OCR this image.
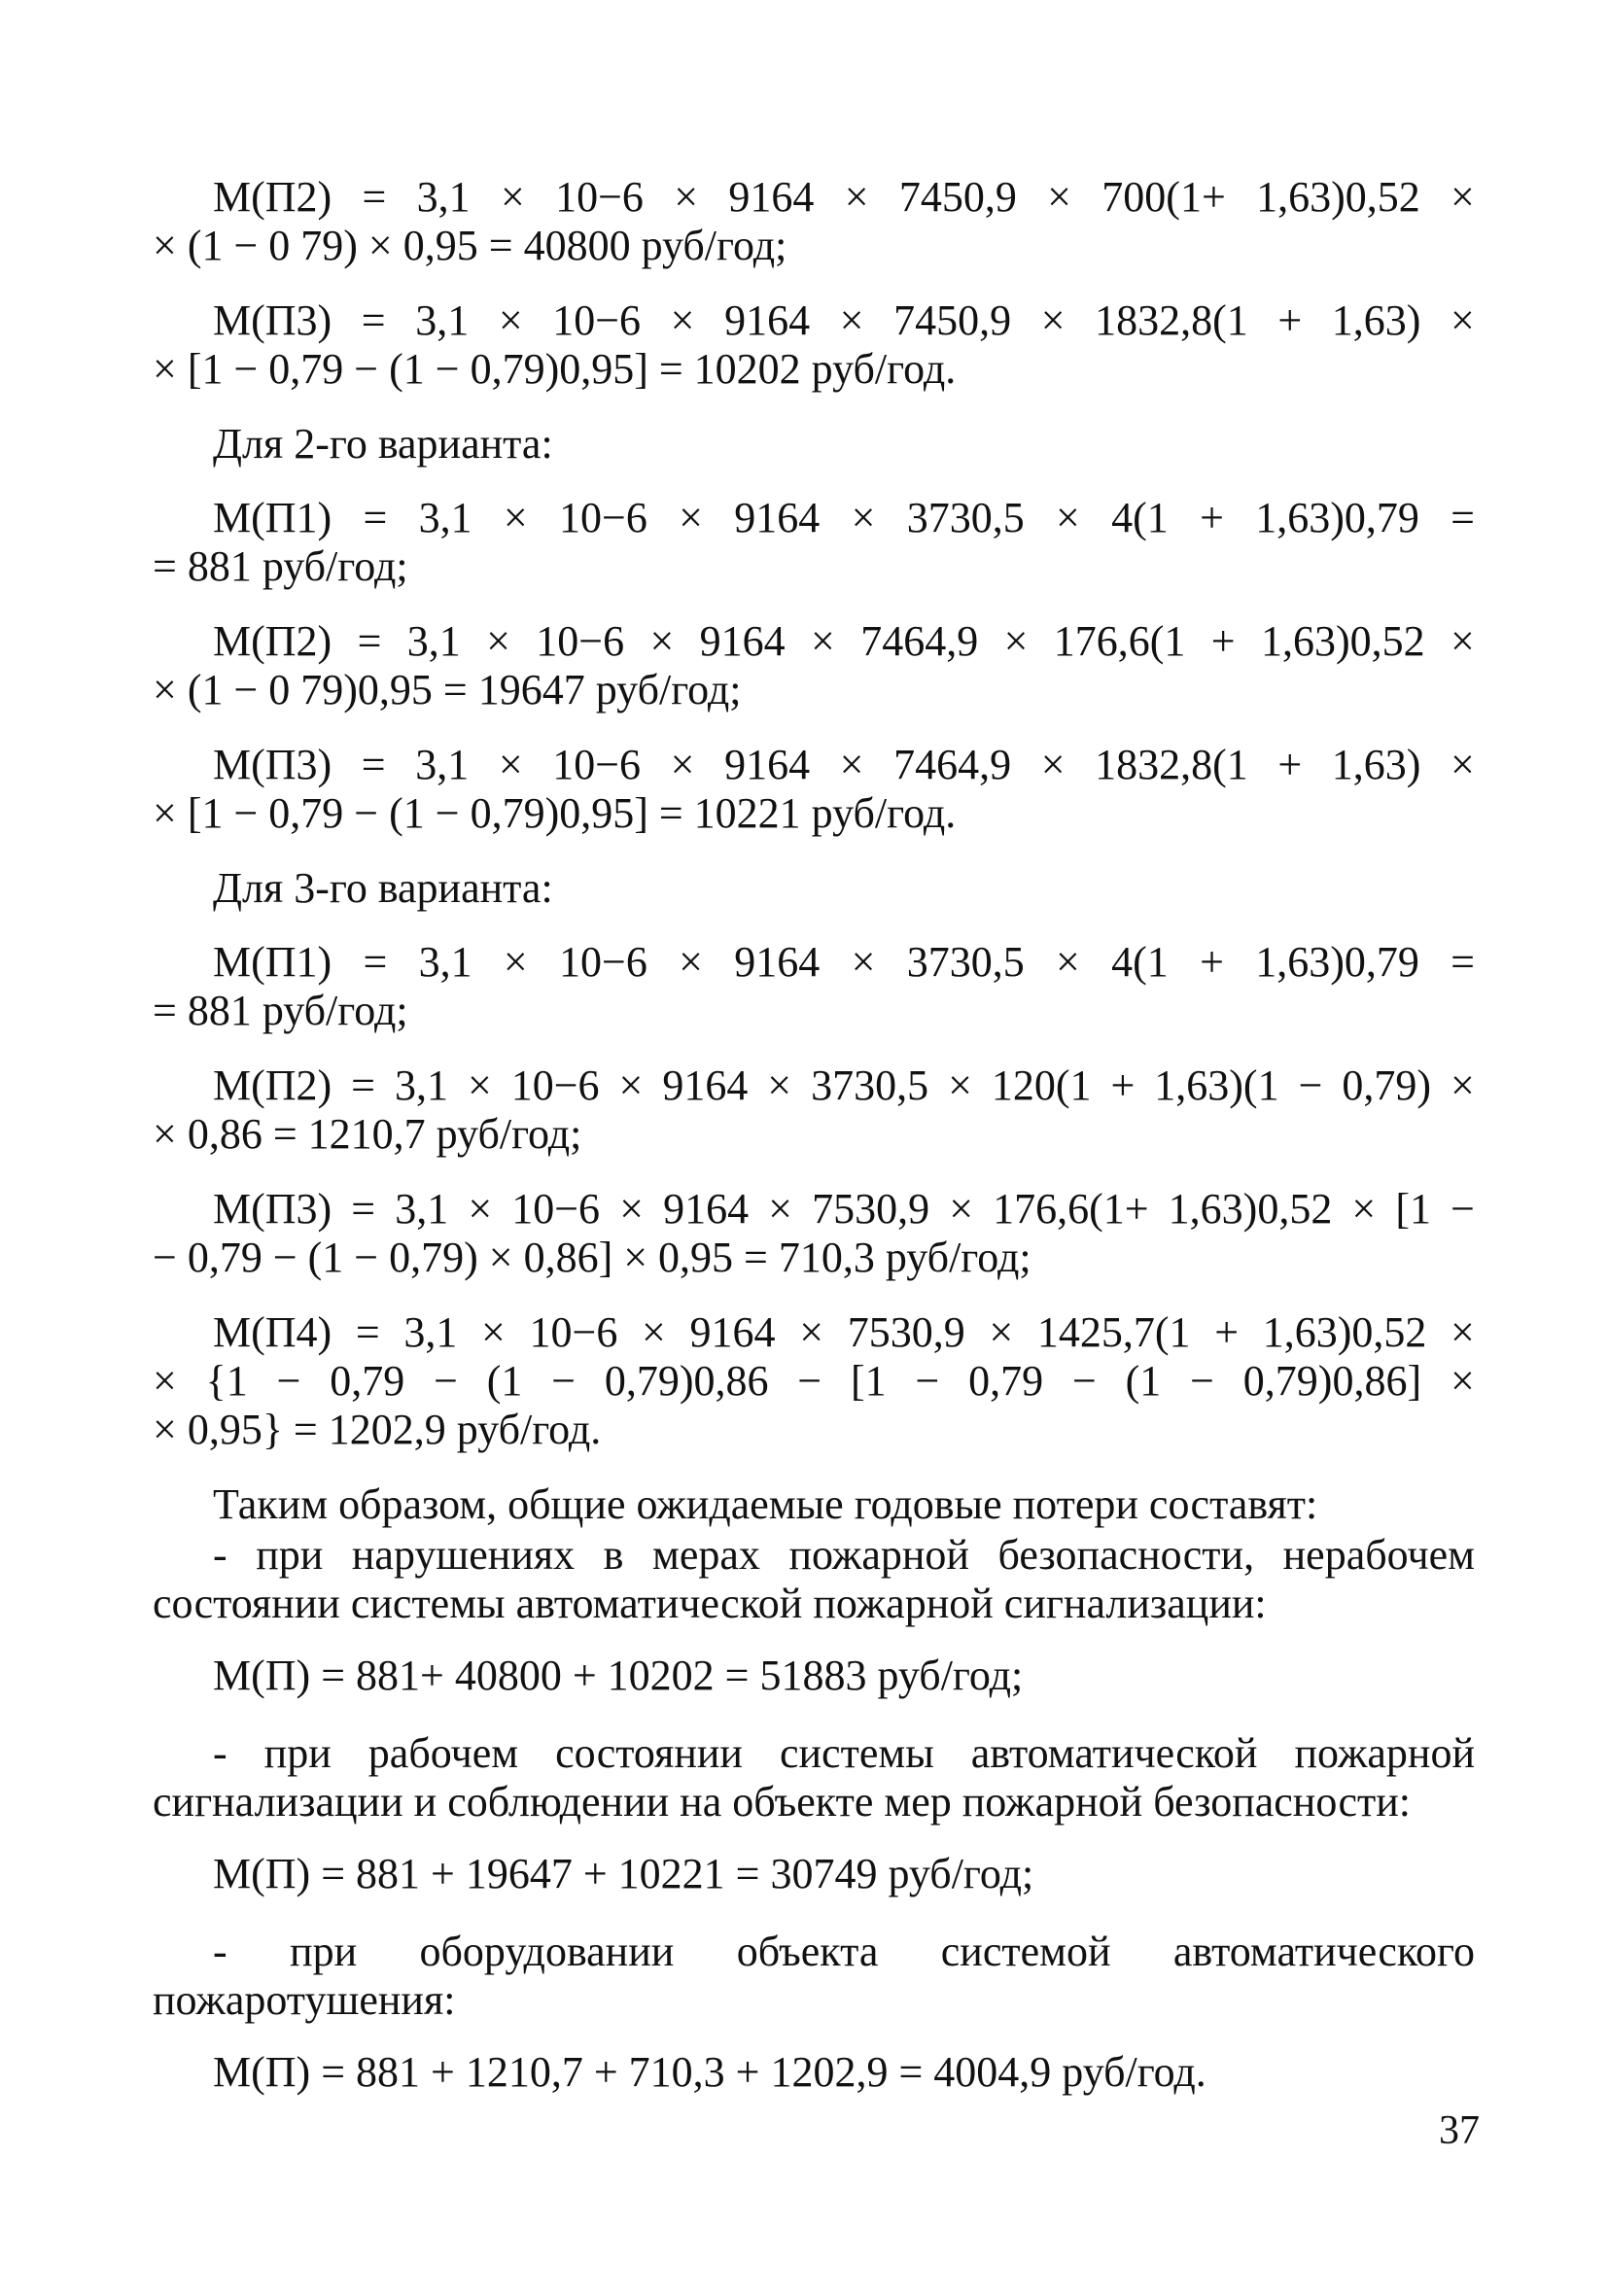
M(П2) = 3,1 × 10−6 × 9164 × 7450,9 × 700(1+ 1,63)0,52 ×
× (1 − 0 79) × 0,95 = 40800 руб/год;
M(П3) = 3,1 × 10−6 × 9164 × 7450,9 × 1832,8(1 + 1,63) ×
× [1 − 0,79 − (1 − 0,79)0,95] = 10202 руб/год.
Для 2-го варианта:
M(П1) = 3,1 × 10−6 × 9164 × 3730,5 × 4(1 + 1,63)0,79 =
= 881 руб/год;
M(П2) = 3,1 × 10−6 × 9164 × 7464,9 × 176,6(1 + 1,63)0,52 ×
× (1 − 0 79)0,95 = 19647 руб/год;
M(П3) = 3,1 × 10−6 × 9164 × 7464,9 × 1832,8(1 + 1,63) ×
× [1 − 0,79 − (1 − 0,79)0,95] = 10221 руб/год.
Для 3-го варианта:
M(П1) = 3,1 × 10−6 × 9164 × 3730,5 × 4(1 + 1,63)0,79 =
= 881 руб/год;
M(П2) = 3,1 × 10−6 × 9164 × 3730,5 × 120(1 + 1,63)(1 − 0,79) ×
× 0,86 = 1210,7 руб/год;
M(П3) = 3,1 × 10−6 × 9164 × 7530,9 × 176,6(1+ 1,63)0,52 × [1 −
− 0,79 − (1 − 0,79) × 0,86] × 0,95 = 710,3 руб/год;
M(П4) = 3,1 × 10−6 × 9164 × 7530,9 × 1425,7(1 + 1,63)0,52 ×
× {1 − 0,79 − (1 − 0,79)0,86 − [1 − 0,79 − (1 − 0,79)0,86] ×
× 0,95} = 1202,9 руб/год.
Таким образом, общие ожидаемые годовые потери составят:
- при нарушениях в мерах пожарной безопасности, нерабочем состоянии системы автоматической пожарной сигнализации:
M(П) = 881+ 40800 + 10202 = 51883 руб/год;
- при рабочем состоянии системы автоматической пожарной сигнализации и соблюдении на объекте мер пожарной безопасности:
M(П) = 881 + 19647 + 10221 = 30749 руб/год;
- при оборудовании объекта системой автоматического пожаротушения:
M(П) = 881 + 1210,7 + 710,3 + 1202,9 = 4004,9 руб/год.
37
